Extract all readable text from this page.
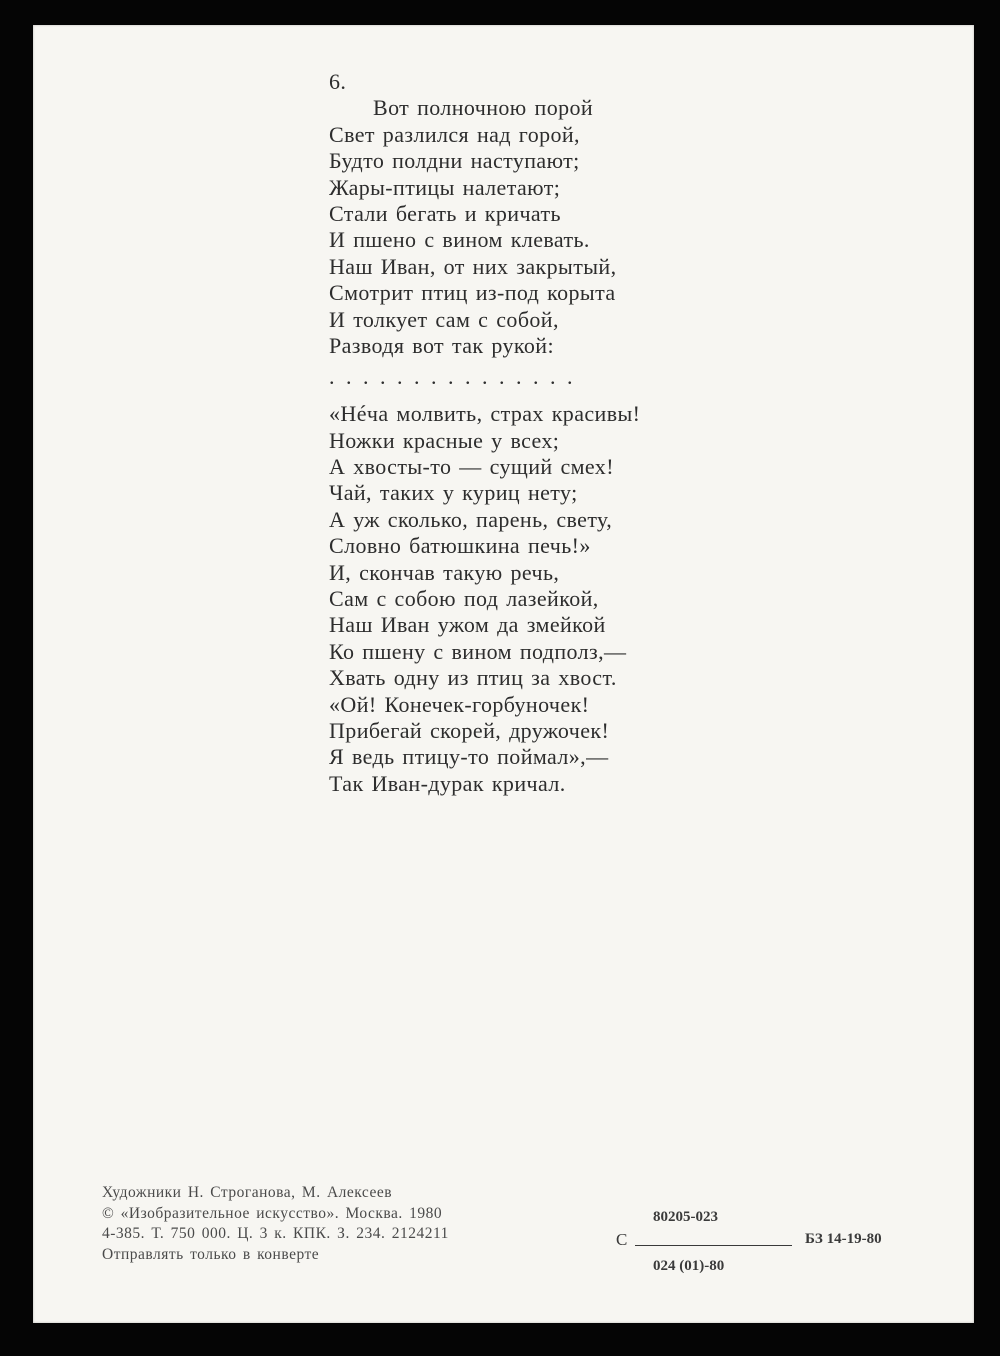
6.
Вот полночною порой
Свет разлился над горой,
Будто полдни наступают;
Жары-птицы налетают;
Стали бегать и кричать
И пшено с вином клевать.
Наш Иван, от них закрытый,
Смотрит птиц из-под корыта
И толкует сам с собой,
Разводя вот так рукой:
. . . . . . . . . . . . . . .
«Нéча молвить, страх красивы!
Ножки красные у всех;
А хвосты-то — сущий смех!
Чай, таких у куриц нету;
А уж сколько, парень, свету,
Словно батюшкина печь!»
И, скончав такую речь,
Сам с собою под лазейкой,
Наш Иван ужом да змейкой
Ко пшену с вином подполз,—
Хвать одну из птиц за хвост.
«Ой! Конечек-горбуночек!
Прибегай скорей, дружочек!
Я ведь птицу-то поймал»,—
Так Иван-дурак кричал.
Художники Н. Строганова, М. Алексеев
© «Изобразительное искусство». Москва. 1980
4-385. Т. 750 000. Ц. 3 к. КПК. З. 234. 2124211
Отправлять только в конверте
С
80205-023
БЗ 14-19-80
024 (01)-80
